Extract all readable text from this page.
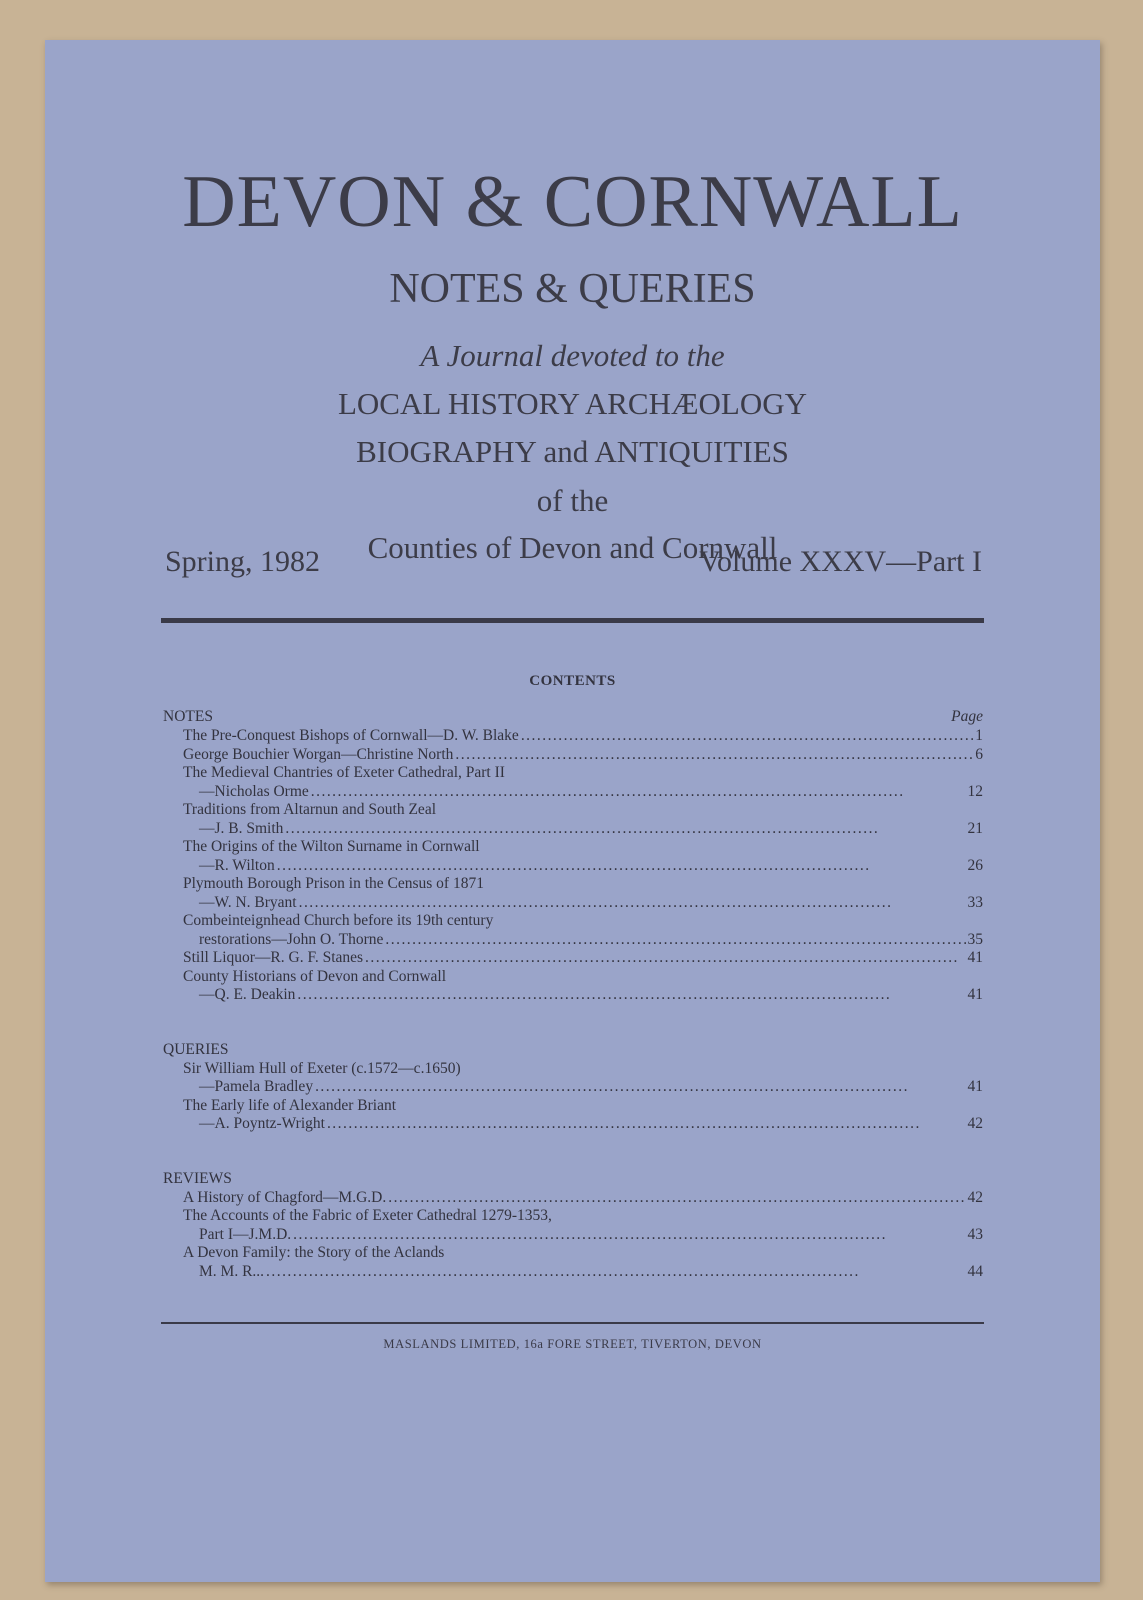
DEVON & CORNWALL
NOTES & QUERIES
A Journal devoted to the
LOCAL HISTORY ARCHÆOLOGY
BIOGRAPHY and ANTIQUITIES
of the
Counties of Devon and Cornwall
Spring, 1982	Volume XXXV—Part I
CONTENTS
NOTES	Page
The Pre-Conquest Bishops of Cornwall—D. W. Blake . . .	1
George Bouchier Worgan—Christine North . . .	6
The Medieval Chantries of Exeter Cathedral, Part II
—Nicholas Orme . . .	12
Traditions from Altarnun and South Zeal
—J. B. Smith . . .	21
The Origins of the Wilton Surname in Cornwall
—R. Wilton . . .	26
Plymouth Borough Prison in the Census of 1871
—W. N. Bryant . . .	33
Combeinteignhead Church before its 19th century
restorations—John O. Thorne . . .	35
Still Liquor—R. G. F. Stanes . . .	41
County Historians of Devon and Cornwall
—Q. E. Deakin . . .	41
QUERIES
Sir William Hull of Exeter (c.1572—c.1650)
—Pamela Bradley . . .	41
The Early life of Alexander Briant
—A. Poyntz-Wright . . .	42
REVIEWS
A History of Chagford—M.G.D. . . .	42
The Accounts of the Fabric of Exeter Cathedral 1279-1353,
Part I—J.M.D. . . .	43
A Devon Family: the Story of the Aclands
M. M. R... . . .	44
MASLANDS LIMITED, 16a FORE STREET, TIVERTON, DEVON
